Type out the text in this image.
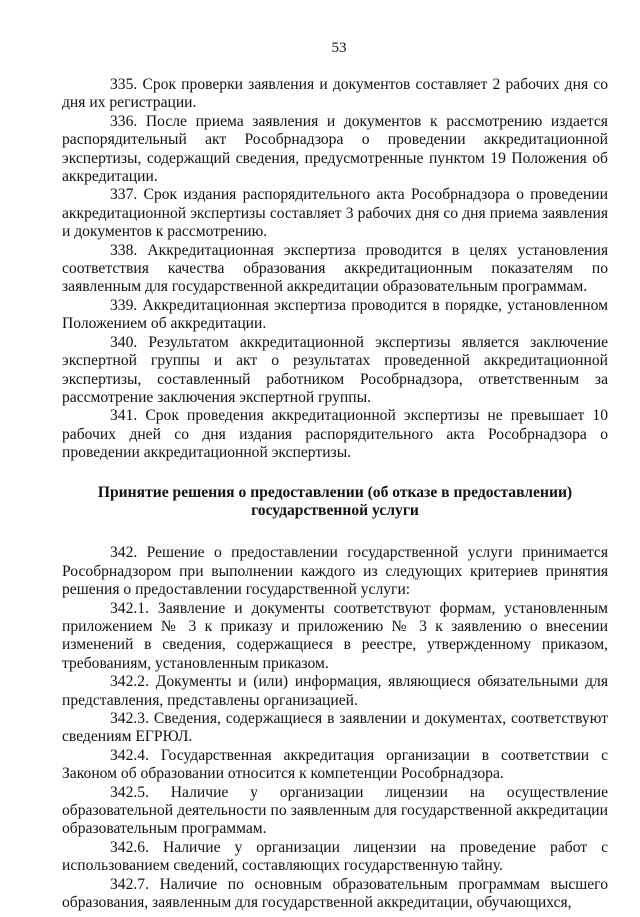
53

335. Срок проверки заявления и документов составляет 2 рабочих дня со дня их регистрации.

336. После приема заявления и документов к рассмотрению издается распорядительный акт Рособрнадзора о проведении аккредитационной экспертизы, содержащий сведения, предусмотренные пунктом 19 Положения об аккредитации.

337. Срок издания распорядительного акта Рособрнадзора о проведении аккредитационной экспертизы составляет 3 рабочих дня со дня приема заявления и документов к рассмотрению.

338. Аккредитационная экспертиза проводится в целях установления соответствия качества образования аккредитационным показателям по заявленным для государственной аккредитации образовательным программам.

339. Аккредитационная экспертиза проводится в порядке, установленном Положением об аккредитации.

340. Результатом аккредитационной экспертизы является заключение экспертной группы и акт о результатах проведенной аккредитационной экспертизы, составленный работником Рособрнадзора, ответственным за рассмотрение заключения экспертной группы.

341. Срок проведения аккредитационной экспертизы не превышает 10 рабочих дней со дня издания распорядительного акта Рособрнадзора о проведении аккредитационной экспертизы.

Принятие решения о предоставлении (об отказе в предоставлении) государственной услуги

342. Решение о предоставлении государственной услуги принимается Рособрнадзором при выполнении каждого из следующих критериев принятия решения о предоставлении государственной услуги:

342.1. Заявление и документы соответствуют формам, установленным приложением № 3 к приказу и приложению № 3 к заявлению о внесении изменений в сведения, содержащиеся в реестре, утвержденному приказом, требованиям, установленным приказом.

342.2. Документы и (или) информация, являющиеся обязательными для представления, представлены организацией.

342.3. Сведения, содержащиеся в заявлении и документах, соответствуют сведениям ЕГРЮЛ.

342.4. Государственная аккредитация организации в соответствии с Законом об образовании относится к компетенции Рособрнадзора.

342.5. Наличие у организации лицензии на осуществление образовательной деятельности по заявленным для государственной аккредитации образовательным программам.

342.6. Наличие у организации лицензии на проведение работ с использованием сведений, составляющих государственную тайну.

342.7. Наличие по основным образовательным программам высшего образования, заявленным для государственной аккредитации, обучающихся,
